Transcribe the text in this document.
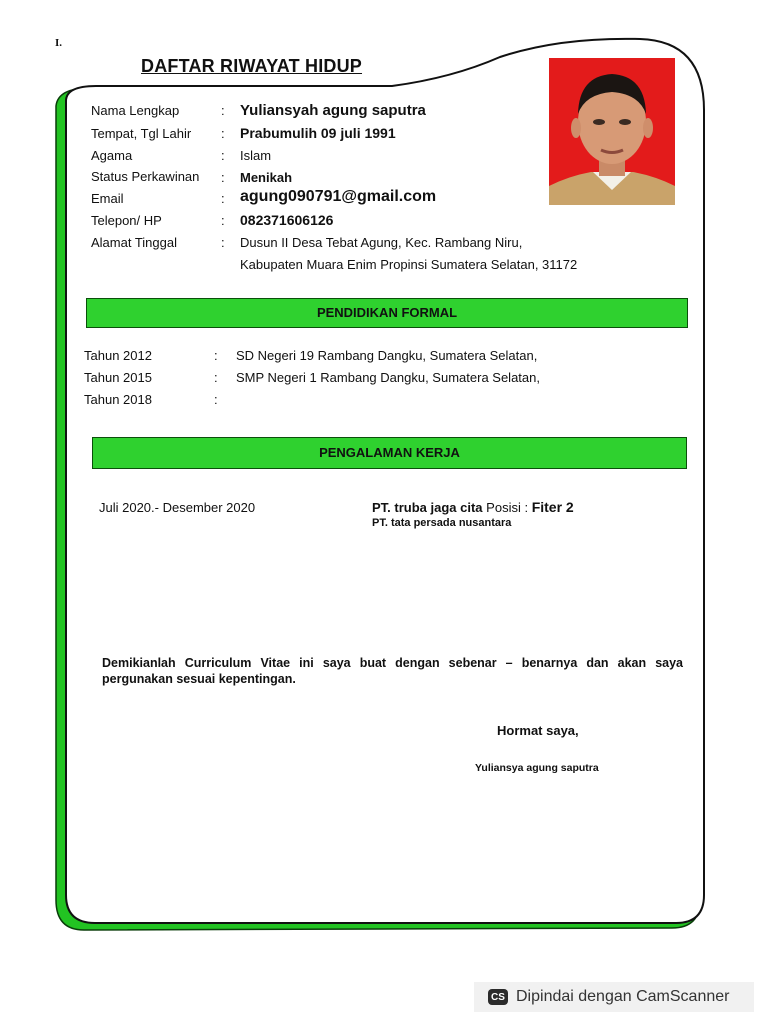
I.
DAFTAR RIWAYAT HIDUP
Nama Lengkap	: Yuliansyah agung saputra
Tempat, Tgl Lahir : Prabumulih 09 juli 1991
Agama	: Islam
Status Perkawinan : Menikah
Email	: agung090791@gmail.com
Telepon/ HP	: 082371606126
Alamat Tinggal	: Dusun II Desa Tebat Agung, Kec. Rambang Niru,
Kabupaten Muara Enim Propinsi Sumatera Selatan, 31172
PENDIDIKAN FORMAL
Tahun 2012	: SD Negeri 19 Rambang Dangku, Sumatera Selatan,
Tahun 2015	: SMP Negeri 1 Rambang Dangku, Sumatera Selatan,
Tahun 2018	:
PENGALAMAN KERJA
Juli 2020.- Desember 2020	PT. truba jaga cita Posisi : Fiter 2
PT. tata persada nusantara
Demikianlah Curriculum Vitae ini saya buat dengan sebenar – benarnya dan akan saya pergunakan sesuai kepentingan.
Hormat saya,
Yuliansya agung saputra
CS Dipindai dengan CamScanner
